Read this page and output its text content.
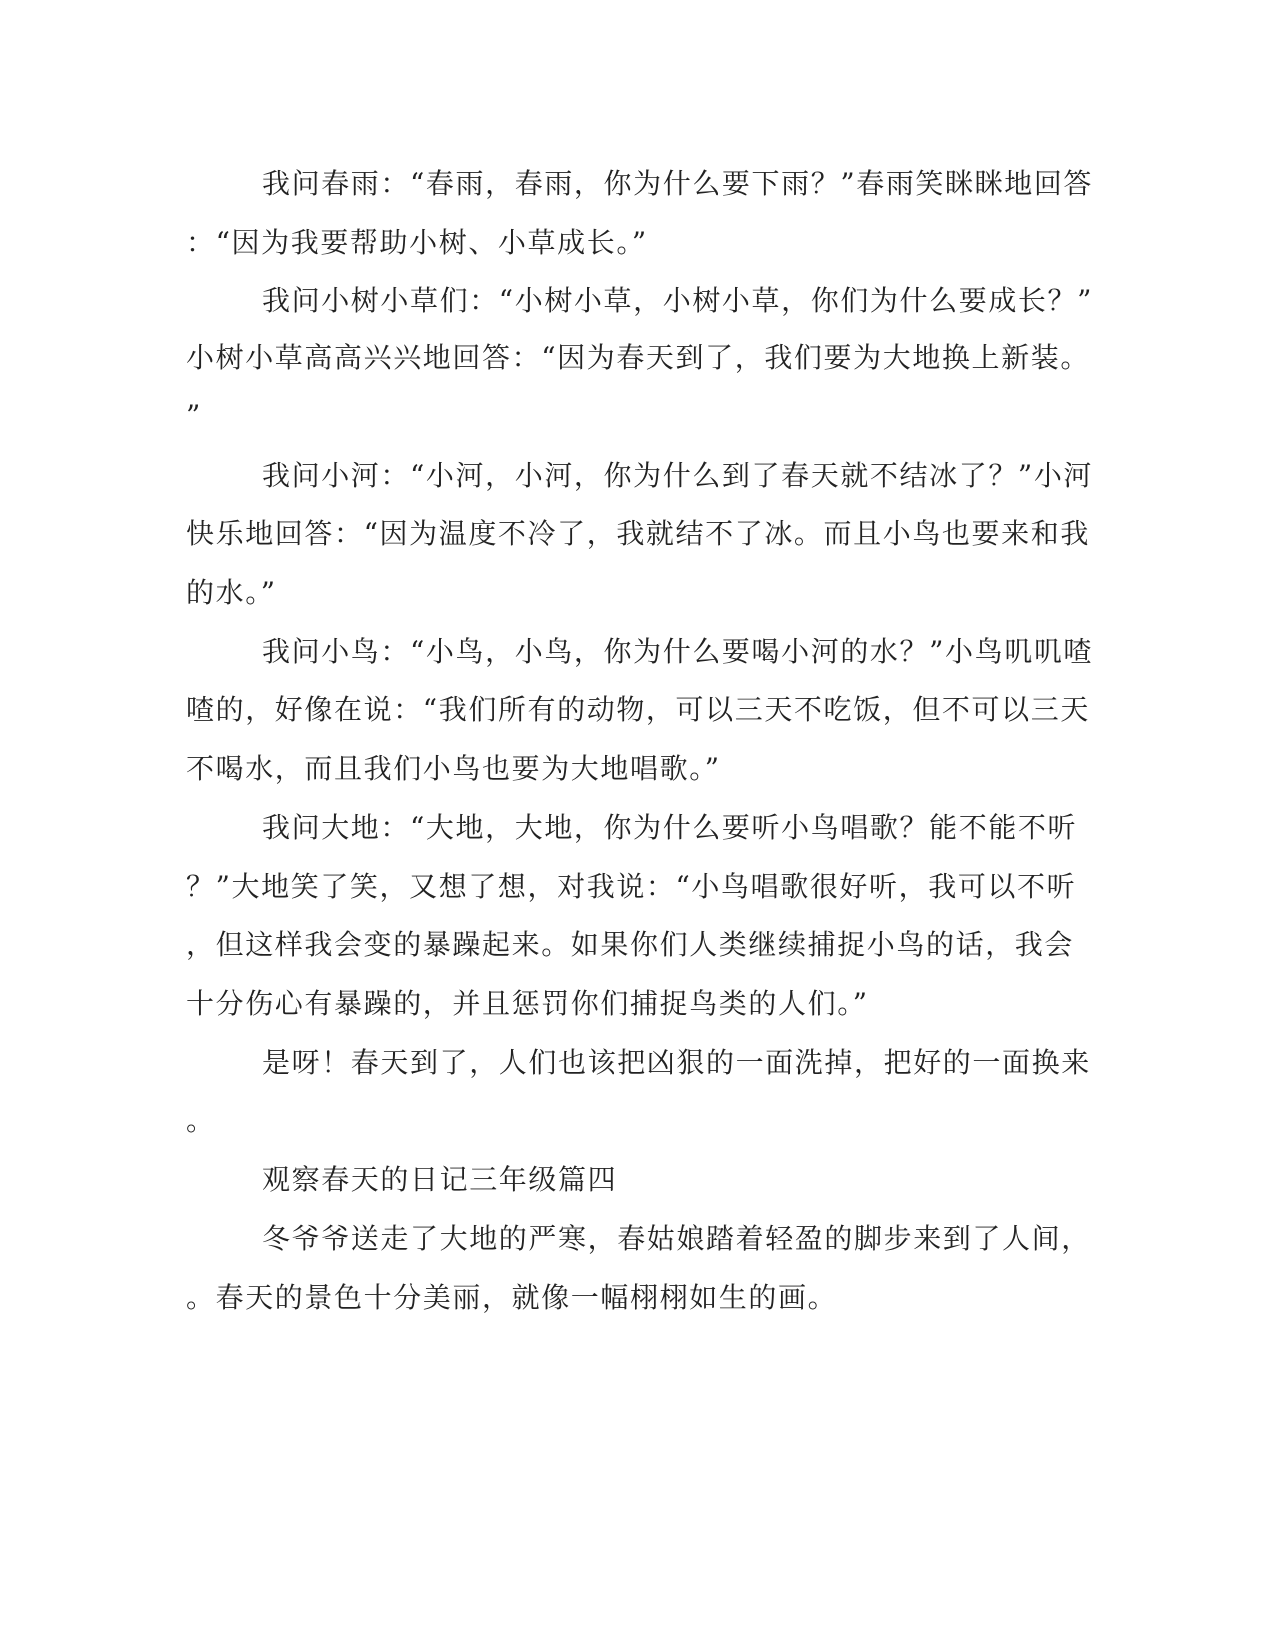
我问春雨：“春雨，春雨，你为什么要下雨？”春雨笑眯眯地回答

：“因为我要帮助小树、小草成长。”

我问小树小草们：“小树小草，小树小草，你们为什么要成长？”

小树小草高高兴兴地回答：“因为春天到了，我们要为大地换上新装。

”

我问小河：“小河，小河，你为什么到了春天就不结冰了？”小河

快乐地回答：“因为温度不冷了，我就结不了冰。而且小鸟也要来和我

的水。”

我问小鸟：“小鸟，小鸟，你为什么要喝小河的水？”小鸟叽叽喳

喳的，好像在说：“我们所有的动物，可以三天不吃饭，但不可以三天

不喝水，而且我们小鸟也要为大地唱歌。”

我问大地：“大地，大地，你为什么要听小鸟唱歌？能不能不听

？”大地笑了笑，又想了想，对我说：“小鸟唱歌很好听，我可以不听

，但这样我会变的暴躁起来。如果你们人类继续捕捉小鸟的话，我会

十分伤心有暴躁的，并且惩罚你们捕捉鸟类的人们。”

是呀！春天到了，人们也该把凶狠的一面洗掉，把好的一面换来

。

观察春天的日记三年级篇四

冬爷爷送走了大地的严寒，春姑娘踏着轻盈的脚步来到了人间，

。春天的景色十分美丽，就像一幅栩栩如生的画。
